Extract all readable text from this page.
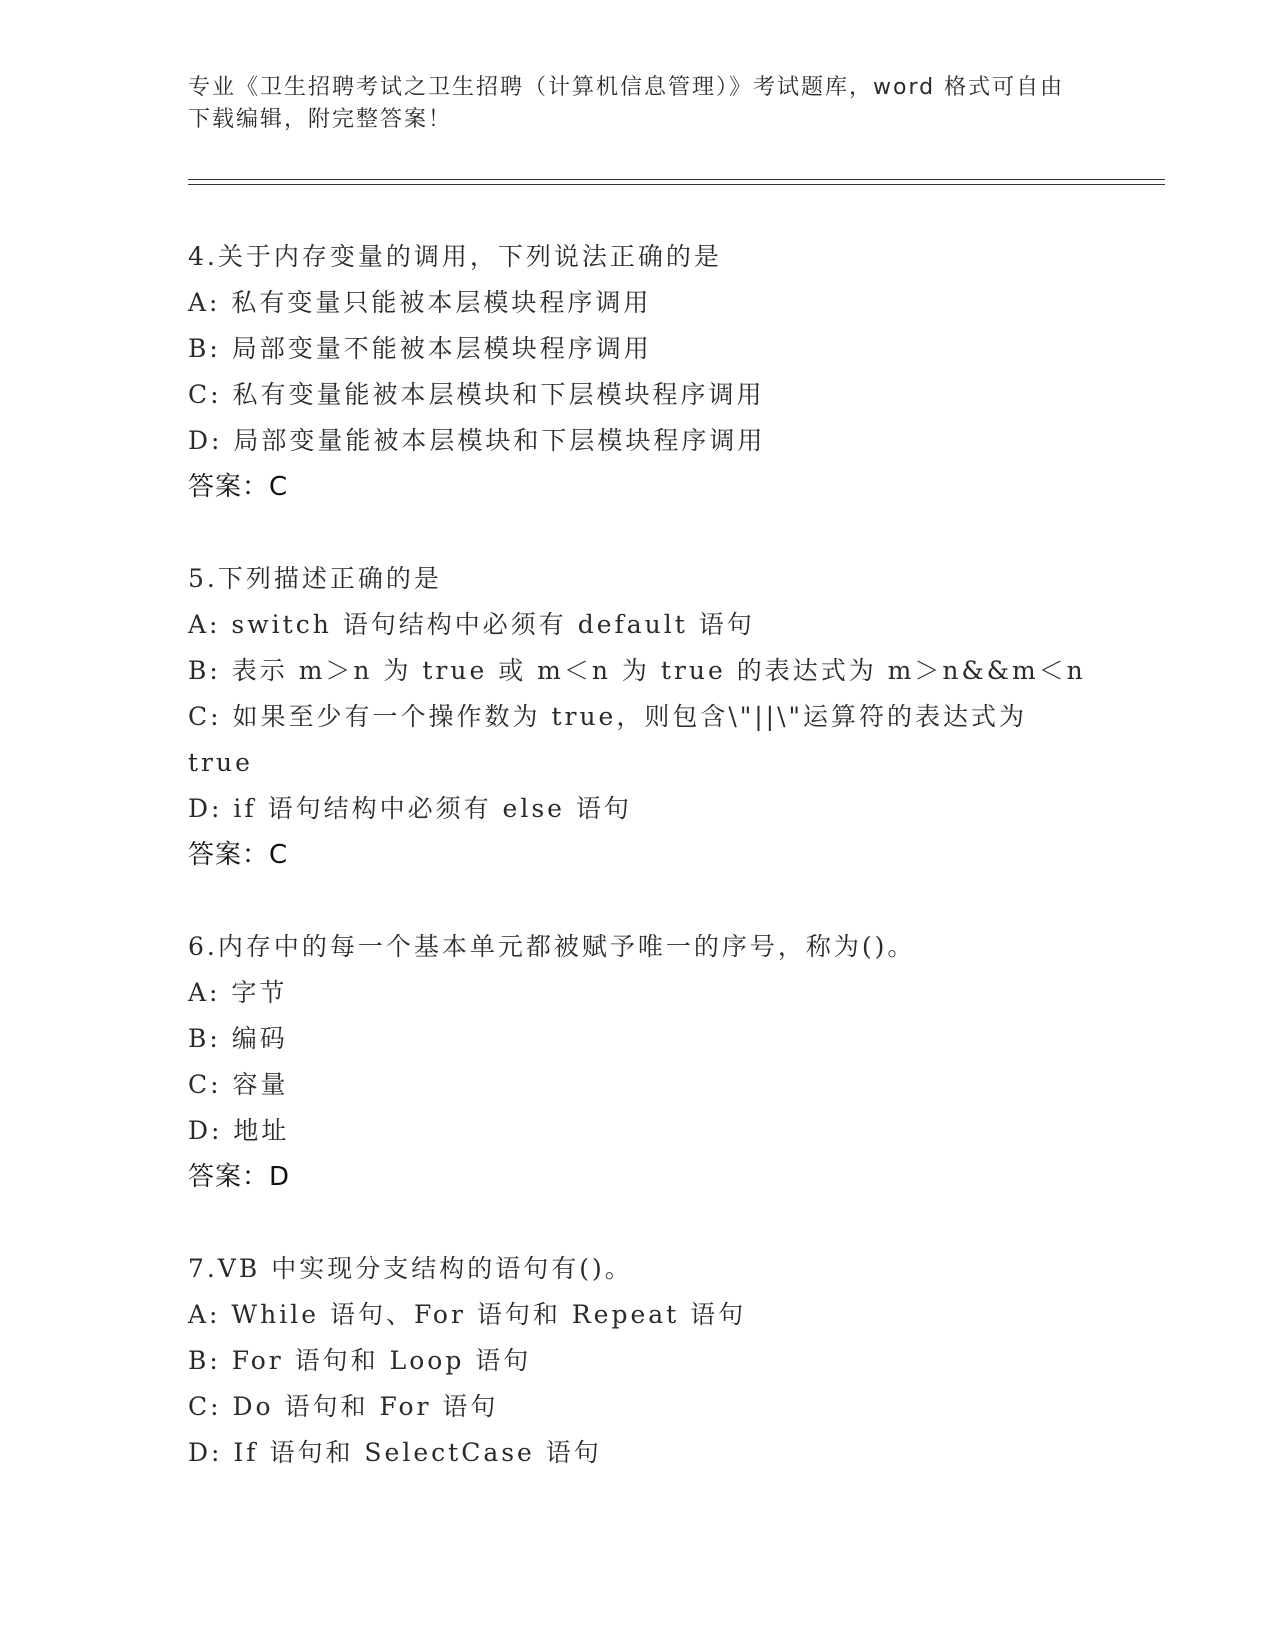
专业《卫生招聘考试之卫生招聘（计算机信息管理）》考试题库，word 格式可自由下载编辑，附完整答案！
4.关于内存变量的调用，下列说法正确的是
A: 私有变量只能被本层模块程序调用
B: 局部变量不能被本层模块程序调用
C: 私有变量能被本层模块和下层模块程序调用
D: 局部变量能被本层模块和下层模块程序调用
答案：C
5.下列描述正确的是
A: switch 语句结构中必须有 default 语句
B: 表示 m＞n 为 true 或 m＜n 为 true 的表达式为 m＞n&&m＜n
C: 如果至少有一个操作数为 true，则包含\"||\"运算符的表达式为 true
D: if 语句结构中必须有 else 语句
答案：C
6.内存中的每一个基本单元都被赋予唯一的序号，称为()。
A: 字节
B: 编码
C: 容量
D: 地址
答案：D
7.VB 中实现分支结构的语句有()。
A: While 语句、For 语句和 Repeat 语句
B: For 语句和 Loop 语句
C: Do 语句和 For 语句
D: If 语句和 SelectCase 语句
